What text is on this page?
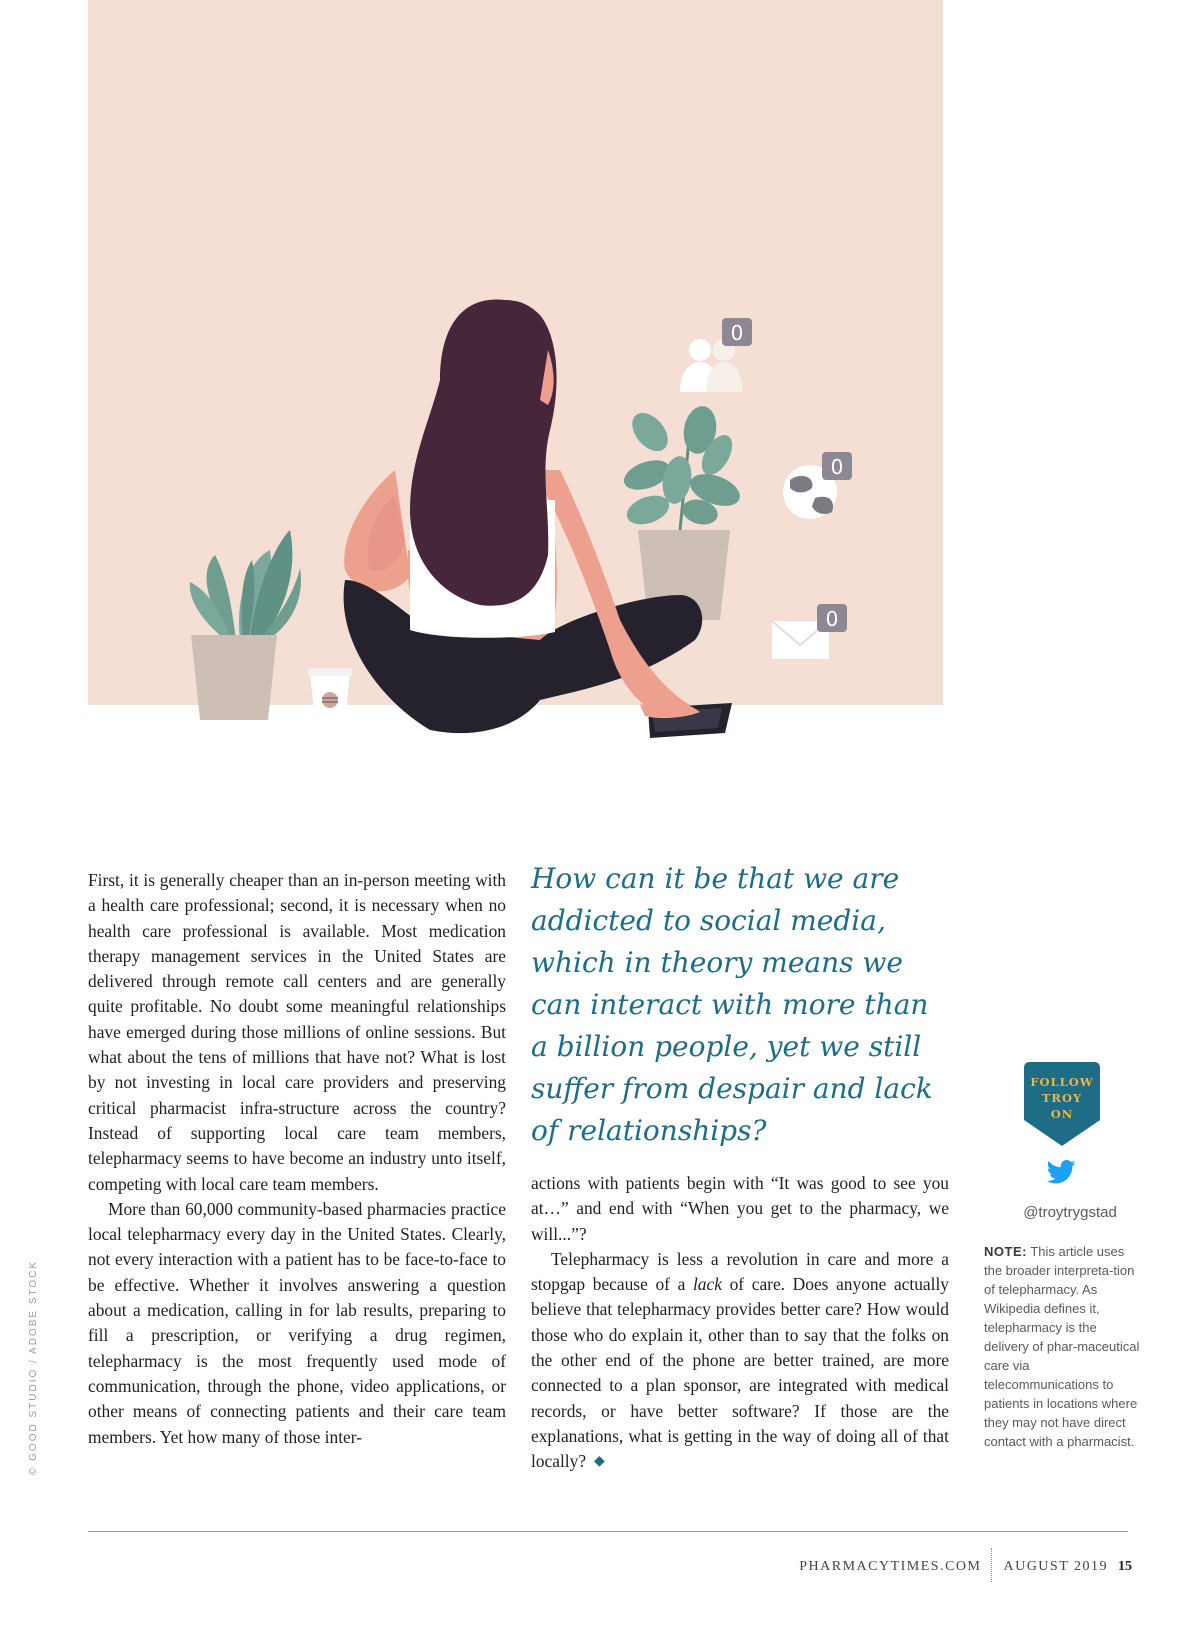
0
0
0
© GOOD STUDIO / ADOBE STOCK

First, it is generally cheaper than an in-person meeting with a health care professional; second, it is necessary when no health care professional is available. Most medication therapy management services in the United States are delivered through remote call centers and are generally quite profitable. No doubt some meaningful relationships have emerged during those millions of online sessions. But what about the tens of millions that have not? What is lost by not investing in local care providers and preserving critical pharmacist infra-structure across the country? Instead of supporting local care team members, telepharmacy seems to have become an industry unto itself, competing with local care team members.

More than 60,000 community-based pharmacies practice local telepharmacy every day in the United States. Clearly, not every interaction with a patient has to be face-to-face to be effective. Whether it involves answering a question about a medication, calling in for lab results, preparing to fill a prescription, or verifying a drug regimen, telepharmacy is the most frequently used mode of communication, through the phone, video applications, or other means of connecting patients and their care team members. Yet how many of those inter-

How can it be that we are addicted to social media, which in theory means we can interact with more than a billion people, yet we still suffer from despair and lack of relationships?

actions with patients begin with “It was good to see you at…” and end with “When you get to the pharmacy, we will...”?

Telepharmacy is less a revolution in care and more a stopgap because of a lack of care. Does anyone actually believe that telepharmacy provides better care? How would those who do explain it, other than to say that the folks on the other end of the phone are better trained, are more connected to a plan sponsor, are integrated with medical records, or have better software? If those are the explanations, what is getting in the way of doing all of that locally? ◆

FOLLOW
TROY
ON
@troytrygstad
NOTE: This article uses the broader interpreta-tion of telepharmacy. As Wikipedia defines it, telepharmacy is the delivery of phar-maceutical care via telecommunications to patients in locations where they may not have direct contact with a pharmacist.
PHARMACYTIMES.COM AUGUST 2019 15
